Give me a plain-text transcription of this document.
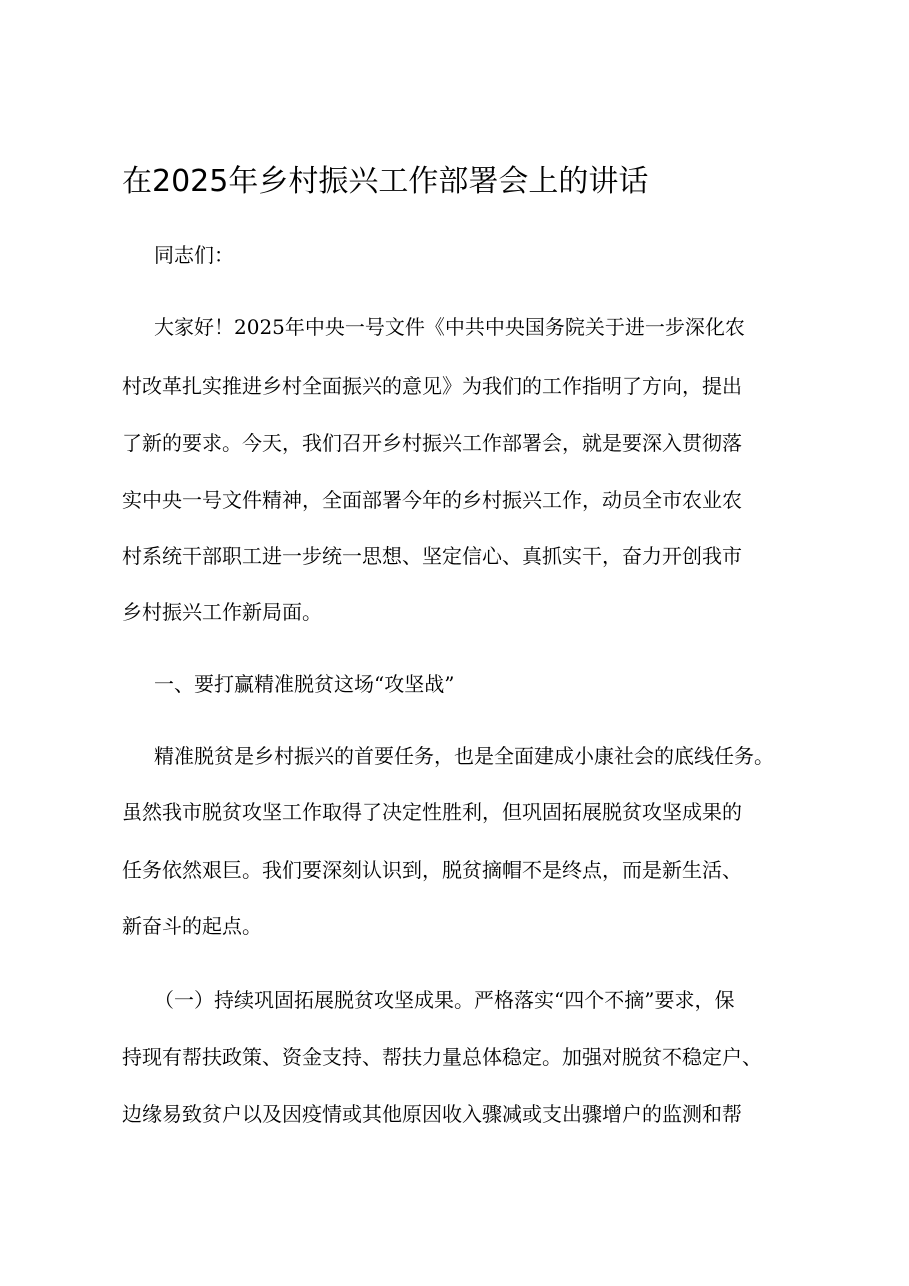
在2025年乡村振兴工作部署会上的讲话
同志们：
大家好！2025年中央一号文件《中共中央国务院关于进一步深化农
村改革扎实推进乡村全面振兴的意见》为我们的工作指明了方向，提出
了新的要求。今天，我们召开乡村振兴工作部署会，就是要深入贯彻落
实中央一号文件精神，全面部署今年的乡村振兴工作，动员全市农业农
村系统干部职工进一步统一思想、坚定信心、真抓实干，奋力开创我市
乡村振兴工作新局面。
一、要打赢精准脱贫这场“攻坚战”
精准脱贫是乡村振兴的首要任务，也是全面建成小康社会的底线任务。
虽然我市脱贫攻坚工作取得了决定性胜利，但巩固拓展脱贫攻坚成果的
任务依然艰巨。我们要深刻认识到，脱贫摘帽不是终点，而是新生活、
新奋斗的起点。
（一）持续巩固拓展脱贫攻坚成果。严格落实“四个不摘”要求，保
持现有帮扶政策、资金支持、帮扶力量总体稳定。加强对脱贫不稳定户、
边缘易致贫户以及因疫情或其他原因收入骤减或支出骤增户的监测和帮
